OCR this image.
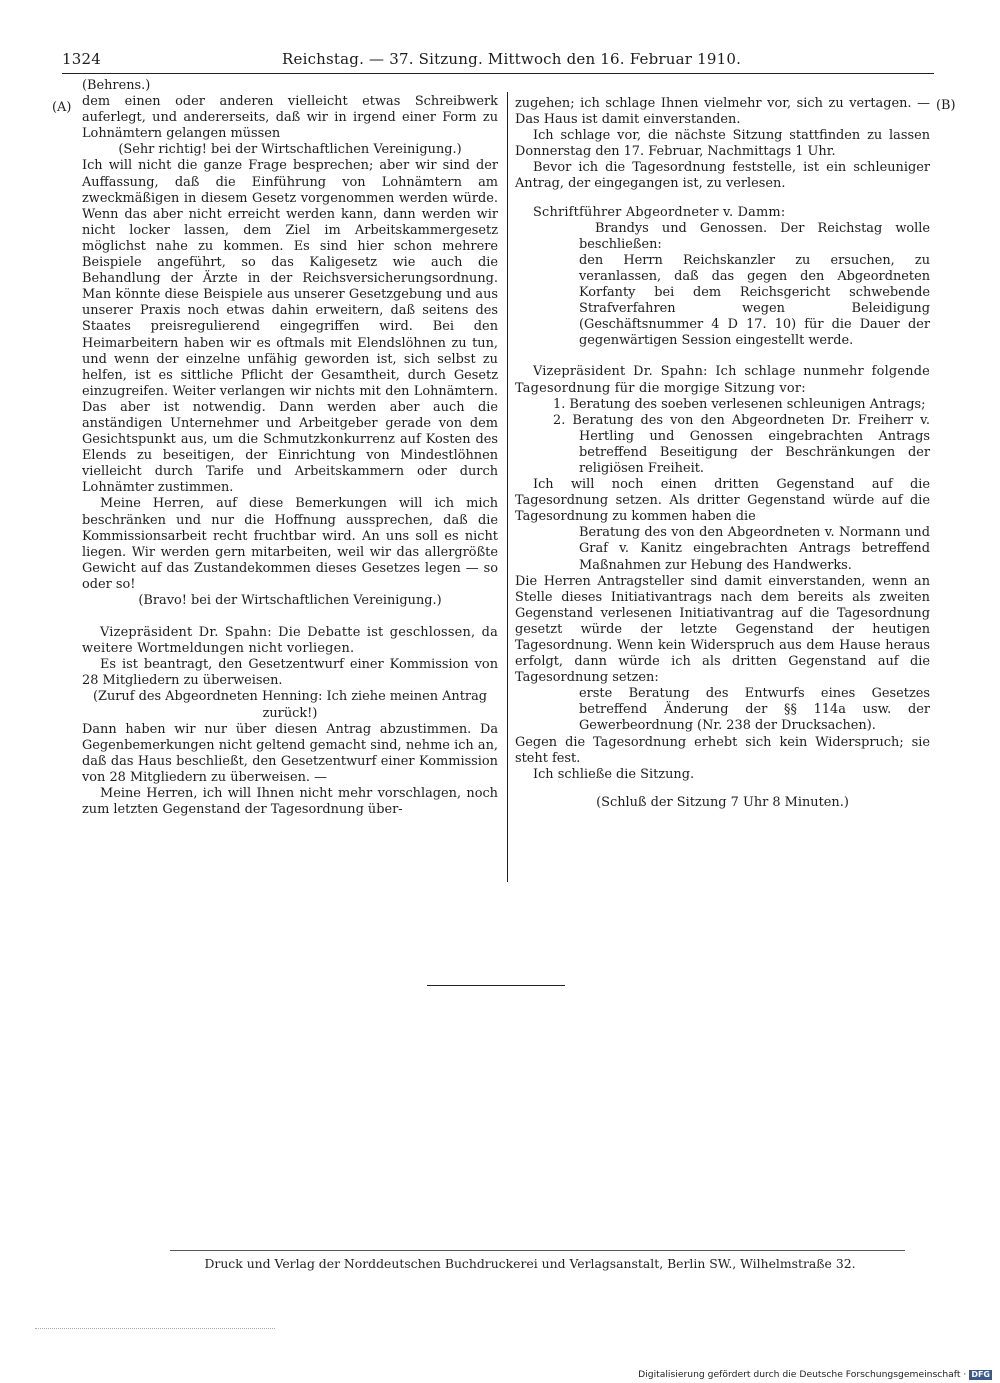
1324	Reichstag. — 37. Sitzung. Mittwoch den 16. Februar 1910.
(A)	(B)

(Behrens.)

dem einen oder anderen vielleicht etwas Schreibwerk auferlegt, und andererseits, daß wir in irgend einer Form zu Lohnämtern gelangen müssen

(Sehr richtig! bei der Wirtschaftlichen Vereinigung.)

Ich will nicht die ganze Frage besprechen; aber wir sind der Auffassung, daß die Einführung von Lohnämtern am zweckmäßigen in diesem Gesetz vorgenommen werden würde. Wenn das aber nicht erreicht werden kann, dann werden wir nicht locker lassen, dem Ziel im Arbeitskammergesetz möglichst nahe zu kommen. Es sind hier schon mehrere Beispiele angeführt, so das Kaligesetz wie auch die Behandlung der Ärzte in der Reichsversicherungsordnung. Man könnte diese Beispiele aus unserer Gesetzgebung und aus unserer Praxis noch etwas dahin erweitern, daß seitens des Staates preisregulierend eingegriffen wird. Bei den Heimarbeitern haben wir es oftmals mit Elendslöhnen zu tun, und wenn der einzelne unfähig geworden ist, sich selbst zu helfen, ist es sittliche Pflicht der Gesamtheit, durch Gesetz einzugreifen. Weiter verlangen wir nichts mit den Lohnämtern. Das aber ist notwendig. Dann werden aber auch die anständigen Unternehmer und Arbeitgeber gerade von dem Gesichtspunkt aus, um die Schmutzkonkurrenz auf Kosten des Elends zu beseitigen, der Einrichtung von Mindestlöhnen vielleicht durch Tarife und Arbeitskammern oder durch Lohnämter zustimmen.

Meine Herren, auf diese Bemerkungen will ich mich beschränken und nur die Hoffnung aussprechen, daß die Kommissionsarbeit recht fruchtbar wird. An uns soll es nicht liegen. Wir werden gern mitarbeiten, weil wir das allergrößte Gewicht auf das Zustandekommen dieses Gesetzes legen — so oder so!

(Bravo! bei der Wirtschaftlichen Vereinigung.)

Vizepräsident Dr. Spahn: Die Debatte ist geschlossen, da weitere Wortmeldungen nicht vorliegen.

Es ist beantragt, den Gesetzentwurf einer Kommission von 28 Mitgliedern zu überweisen.

(Zuruf des Abgeordneten Henning: Ich ziehe meinen Antrag zurück!)

Dann haben wir nur über diesen Antrag abzustimmen. Da Gegenbemerkungen nicht geltend gemacht sind, nehme ich an, daß das Haus beschließt, den Gesetzentwurf einer Kommission von 28 Mitgliedern zu überweisen. —

Meine Herren, ich will Ihnen nicht mehr vorschlagen, noch zum letzten Gegenstand der Tagesordnung über-

zugehen; ich schlage Ihnen vielmehr vor, sich zu vertagen. — Das Haus ist damit einverstanden.

Ich schlage vor, die nächste Sitzung stattfinden zu lassen Donnerstag den 17. Februar, Nachmittags 1 Uhr.

Bevor ich die Tagesordnung feststelle, ist ein schleuniger Antrag, der eingegangen ist, zu verlesen.

Schriftführer Abgeordneter v. Damm:

Brandys und Genossen. Der Reichstag wolle beschließen:

den Herrn Reichskanzler zu ersuchen, zu veranlassen, daß das gegen den Abgeordneten Korfanty bei dem Reichsgericht schwebende Strafverfahren wegen Beleidigung (Geschäftsnummer 4 D 17. 10) für die Dauer der gegenwärtigen Session eingestellt werde.

Vizepräsident Dr. Spahn: Ich schlage nunmehr folgende Tagesordnung für die morgige Sitzung vor:

1. Beratung des soeben verlesenen schleunigen Antrags;

2. Beratung des von den Abgeordneten Dr. Freiherr v. Hertling und Genossen eingebrachten Antrags betreffend Beseitigung der Beschränkungen der religiösen Freiheit.

Ich will noch einen dritten Gegenstand auf die Tagesordnung setzen. Als dritter Gegenstand würde auf die Tagesordnung zu kommen haben die

Beratung des von den Abgeordneten v. Normann und Graf v. Kanitz eingebrachten Antrags betreffend Maßnahmen zur Hebung des Handwerks.

Die Herren Antragsteller sind damit einverstanden, wenn an Stelle dieses Initiativantrags nach dem bereits als zweiten Gegenstand verlesenen Initiativantrag auf die Tagesordnung gesetzt würde der letzte Gegenstand der heutigen Tagesordnung. Wenn kein Widerspruch aus dem Hause heraus erfolgt, dann würde ich als dritten Gegenstand auf die Tagesordnung setzen:

erste Beratung des Entwurfs eines Gesetzes betreffend Änderung der §§ 114a usw. der Gewerbeordnung (Nr. 238 der Drucksachen).

Gegen die Tagesordnung erhebt sich kein Widerspruch; sie steht fest.

Ich schließe die Sitzung.

(Schluß der Sitzung 7 Uhr 8 Minuten.)

Druck und Verlag der Norddeutschen Buchdruckerei und Verlagsanstalt, Berlin SW., Wilhelmstraße 32.
Digitalisierung gefördert durch die Deutsche Forschungsgemeinschaft · DFG
